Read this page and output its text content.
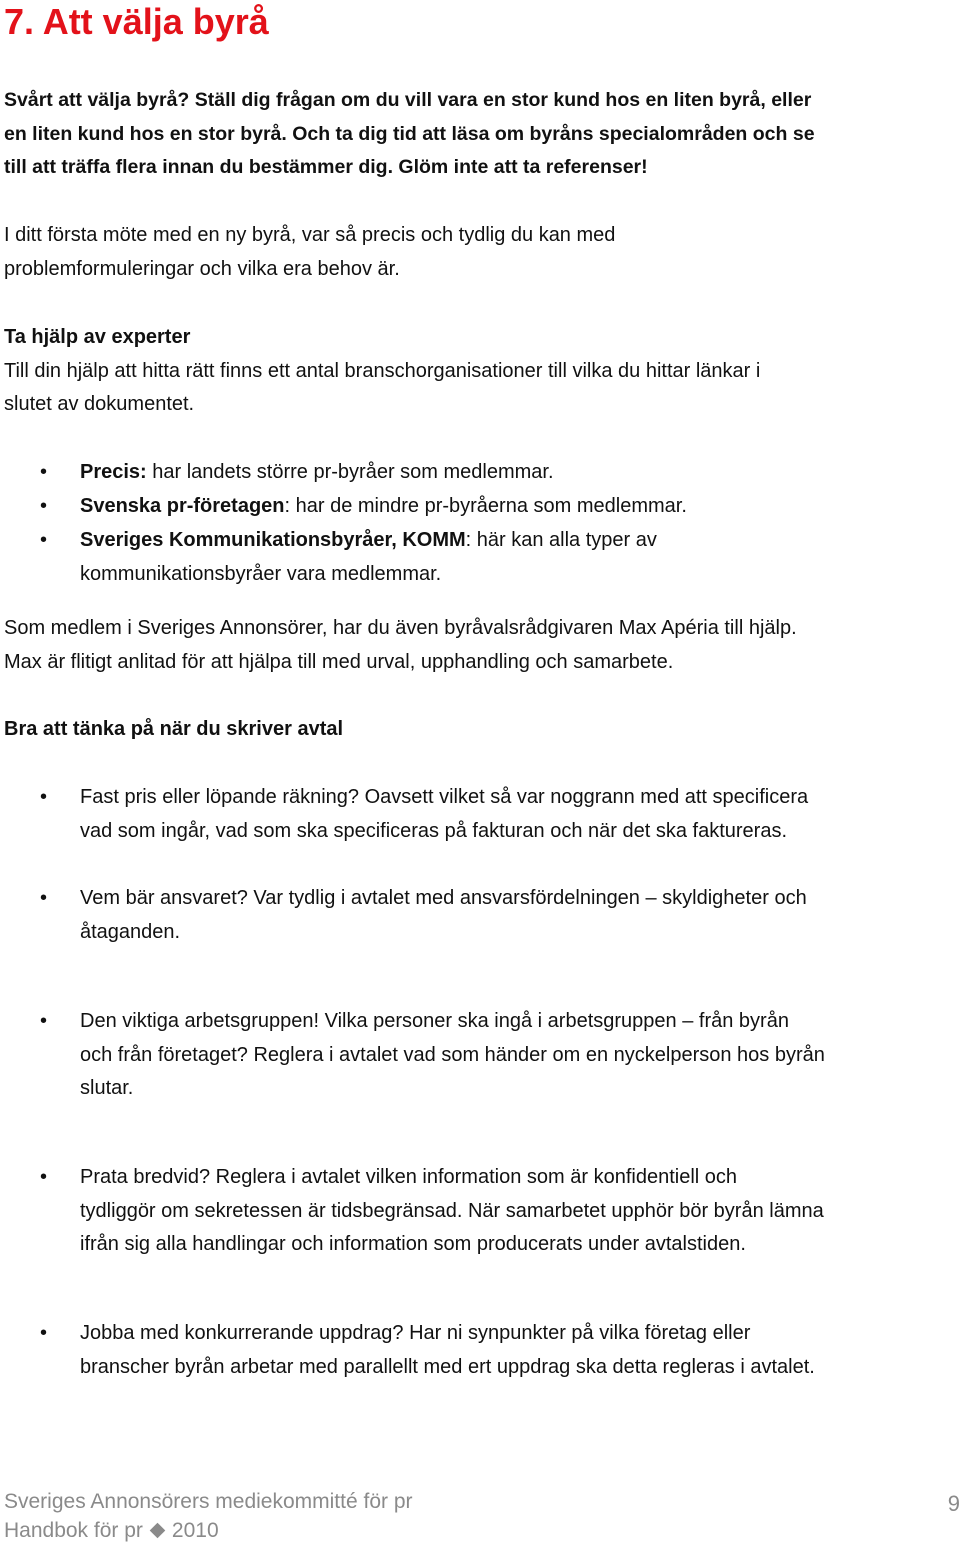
7. Att välja byrå
Svårt att välja byrå? Ställ dig frågan om du vill vara en stor kund hos en liten byrå, eller
en liten kund hos en stor byrå. Och ta dig tid att läsa om byråns specialområden och se
till att träffa flera innan du bestämmer dig. Glöm inte att ta referenser!
I ditt första möte med en ny byrå, var så precis och tydlig du kan med
problemformuleringar och vilka era behov är.
Ta hjälp av experter
Till din hjälp att hitta rätt finns ett antal branschorganisationer till vilka du hittar länkar i
slutet av dokumentet.
• Precis: har landets större pr-byråer som medlemmar.
• Svenska pr-företagen: har de mindre pr-byråerna som medlemmar.
• Sveriges Kommunikationsbyråer, KOMM: här kan alla typer av
kommunikationsbyråer vara medlemmar.
Som medlem i Sveriges Annonsörer, har du även byråvalsrådgivaren Max Apéria till hjälp.
Max är flitigt anlitad för att hjälpa till med urval, upphandling och samarbete.
Bra att tänka på när du skriver avtal
• Fast pris eller löpande räkning? Oavsett vilket så var noggrann med att specificera
vad som ingår, vad som ska specificeras på fakturan och när det ska faktureras.
• Vem bär ansvaret? Var tydlig i avtalet med ansvarsfördelningen – skyldigheter och
åtaganden.
• Den viktiga arbetsgruppen! Vilka personer ska ingå i arbetsgruppen – från byrån
och från företaget? Reglera i avtalet vad som händer om en nyckelperson hos byrån
slutar.
• Prata bredvid? Reglera i avtalet vilken information som är konfidentiell och
tydliggör om sekretessen är tidsbegränsad. När samarbetet upphör bör byrån lämna
ifrån sig alla handlingar och information som producerats under avtalstiden.
• Jobba med konkurrerande uppdrag? Har ni synpunkter på vilka företag eller
branscher byrån arbetar med parallellt med ert uppdrag ska detta regleras i avtalet.
Sveriges Annonsörers mediekommitté för pr
Handbok för pr 2010
9
